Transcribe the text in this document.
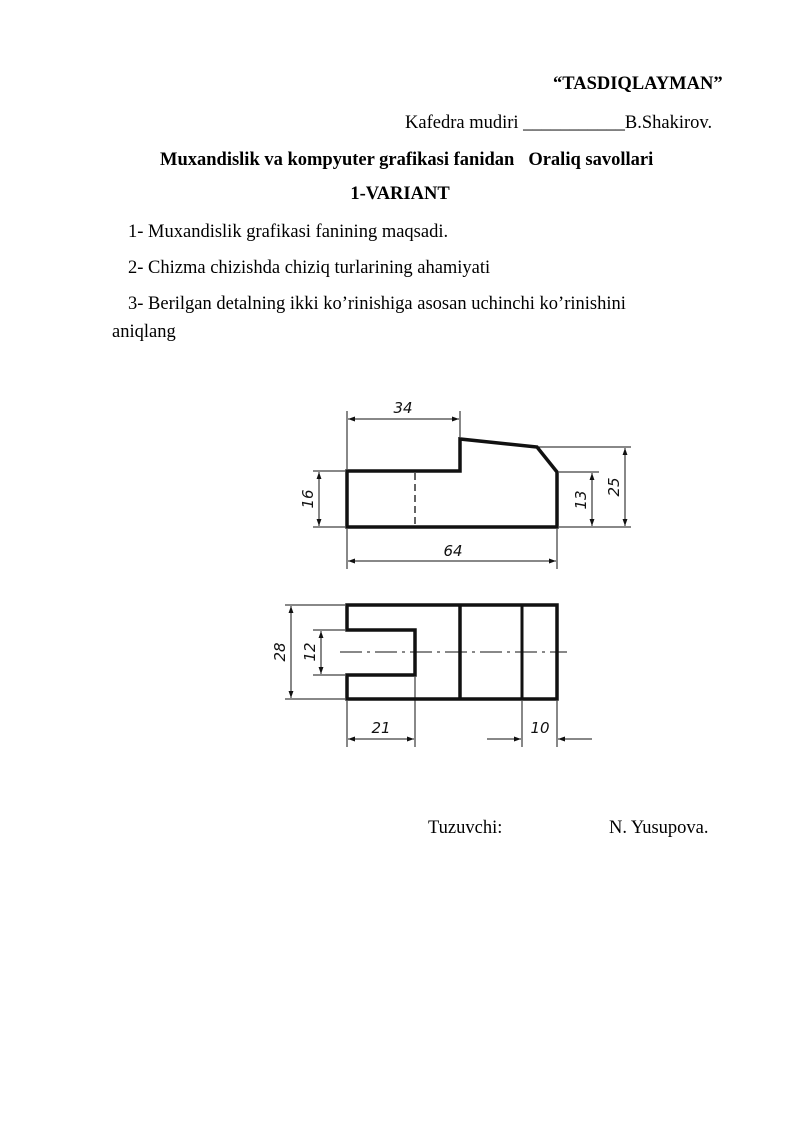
“TASDIQLAYMAN”
Kafedra mudiri ___________B.Shakirov.
Muxandislik va kompyuter grafikasi fanidan Oraliq savollari
1-VARIANT
1- Muxandislik grafikasi fanining maqsadi.
2- Chizma chizishda chiziq turlarining ahamiyati
3- Berilgan detalning ikki ko’rinishiga asosan uchinchi ko’rinishini
aniqlang
34
64
16	13
25
28 12
21	10
Tuzuvchi:	N. Yusupova.
